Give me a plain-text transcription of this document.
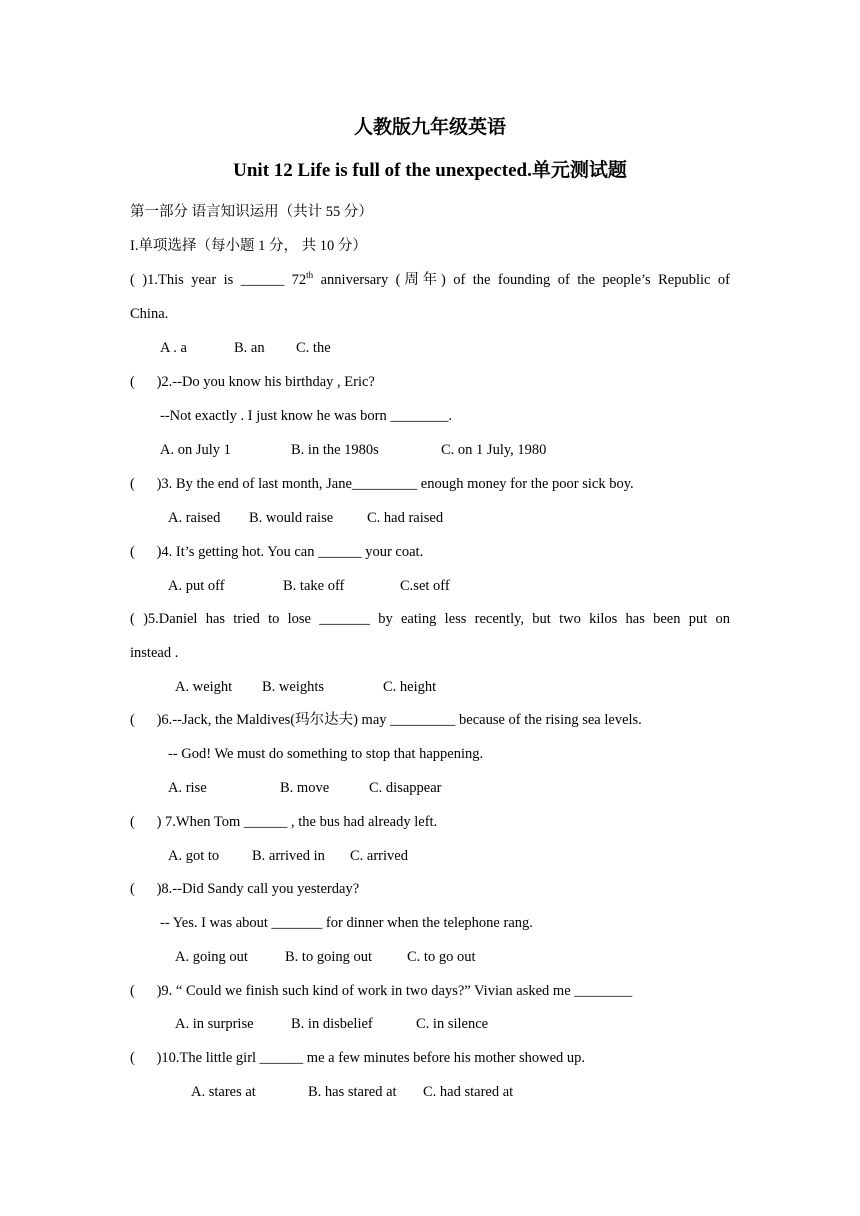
人教版九年级英语
Unit 12 Life is full of the unexpected.单元测试题
第一部分 语言知识运用（共计 55 分）
I.单项选择（每小题 1 分， 共 10 分）
( )1.This year is ______ 72th anniversary (周年) of the founding of the people’s Republic of
China.
A . a	B. an C. the
(      )2.--Do you know his birthday , Eric?
--Not exactly . I just know he was born ________.
A. on July 1	B. in the 1980s	C. on 1 July, 1980
(      )3. By the end of last month, Jane_________ enough money for the poor sick boy.
A. raised B. would raise C. had raised
(      )4. It’s getting hot. You can ______ your coat.
A. put off	B. take off	C.set off
( )5.Daniel has tried to lose _______ by eating less recently, but two kilos has been put on
instead .
A. weight B. weights	C. height
(      )6.--Jack, the Maldives(玛尔达夫) may _________ because of the rising sea levels.
-- God! We must do something to stop that happening.
A. rise	B. move	C. disappear
(      ) 7.When Tom ______ , the bus had already left.
A. got to B. arrived in C. arrived
(      )8.--Did Sandy call you yesterday?
-- Yes. I was about _______ for dinner when the telephone rang.
A. going out	B. to going out C. to go out
(      )9. “ Could we finish such kind of work in two days?” Vivian asked me ________
A. in surprise	B. in disbelief	C. in silence
(      )10.The little girl ______ me a few minutes before his mother showed up.
A. stares at	B. has stared at C. had stared at
